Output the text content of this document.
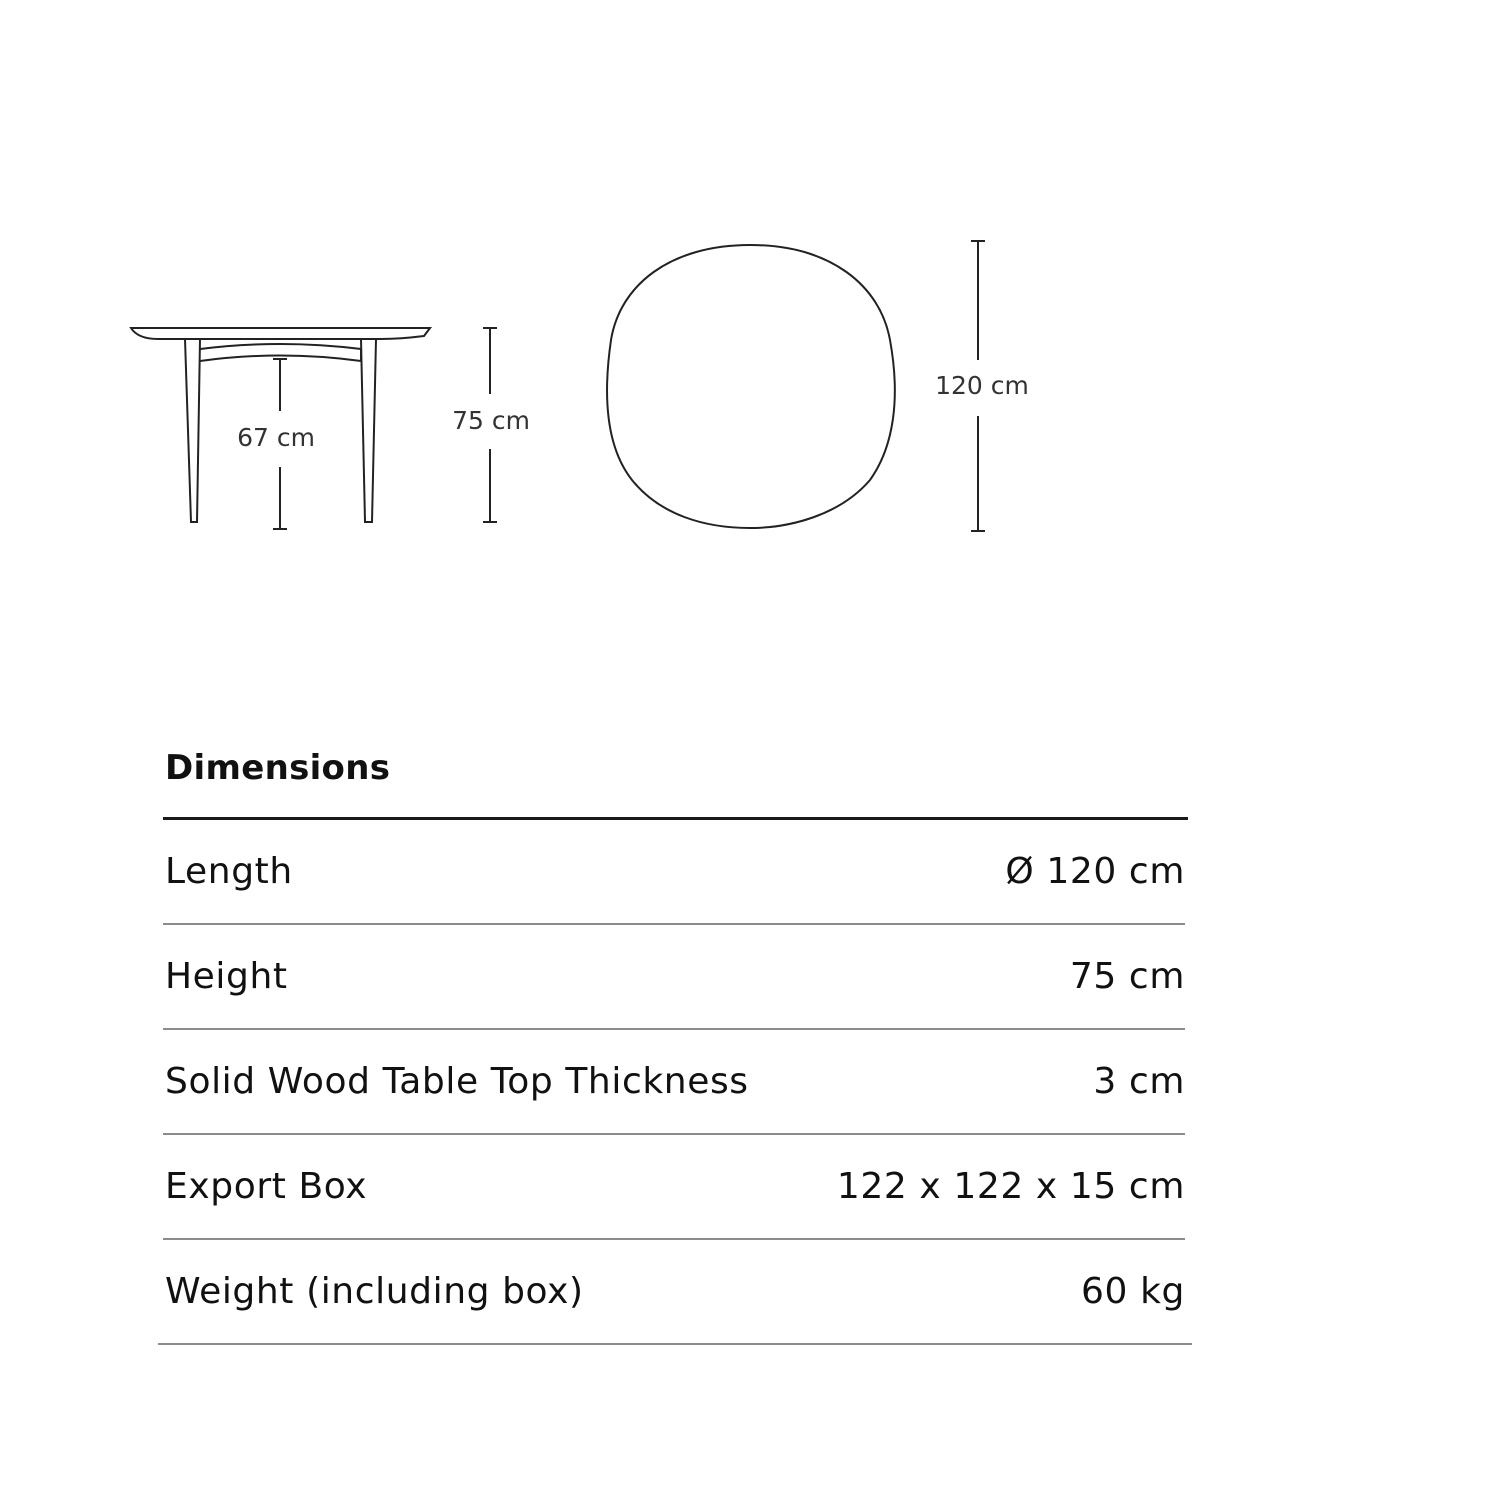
67 cm
75 cm
120 cm
Dimensions
Length	Ø 120 cm
Height	75 cm
Solid Wood Table Top Thickness	3 cm
Export Box	122 x 122 x 15 cm
Weight (including box)	60 kg
